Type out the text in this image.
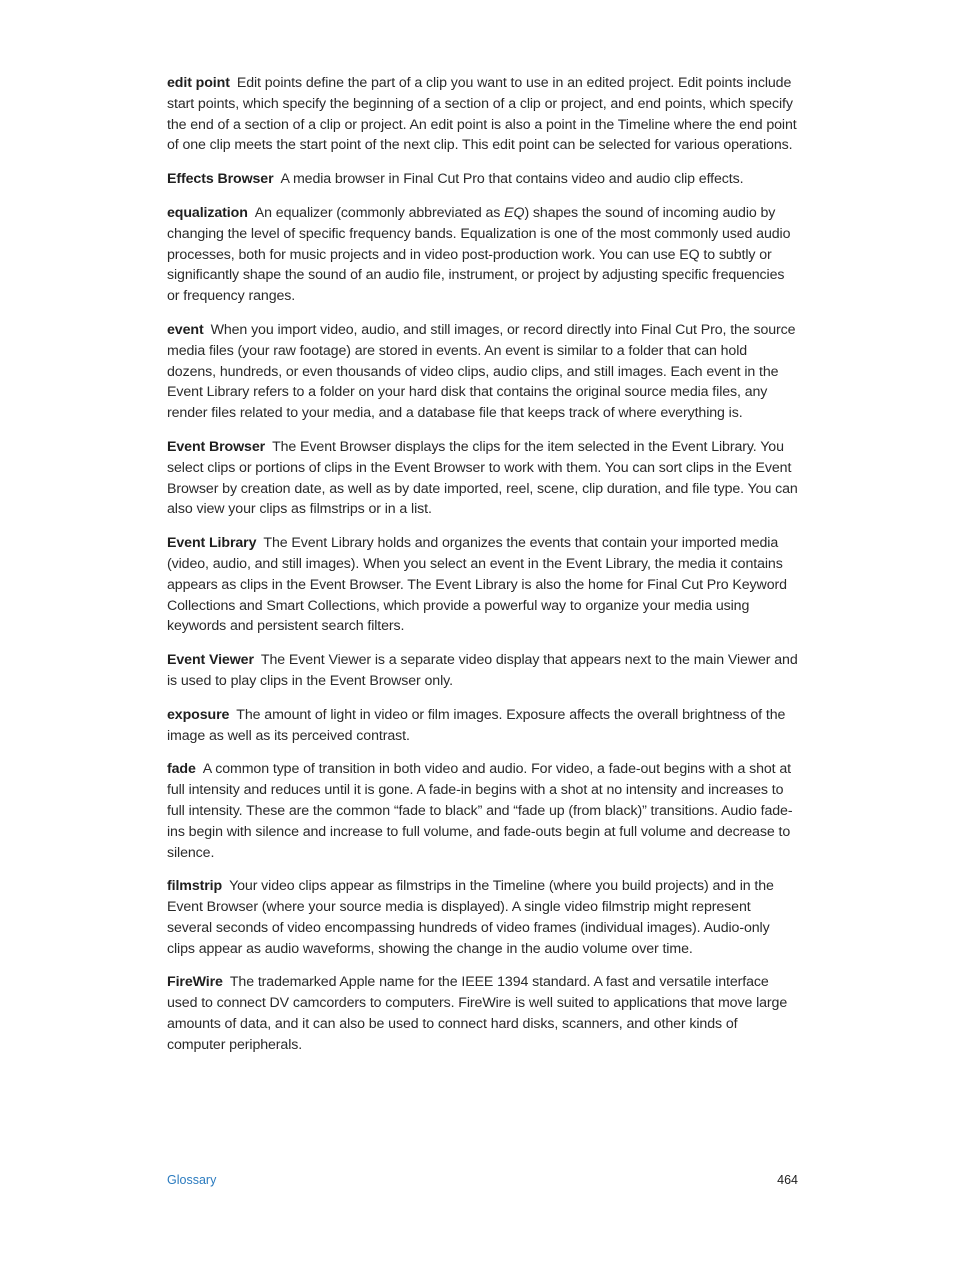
edit point Edit points define the part of a clip you want to use in an edited project. Edit points include start points, which specify the beginning of a section of a clip or project, and end points, which specify the end of a section of a clip or project. An edit point is also a point in the Timeline where the end point of one clip meets the start point of the next clip. This edit point can be selected for various operations.

Effects Browser A media browser in Final Cut Pro that contains video and audio clip effects.

equalization An equalizer (commonly abbreviated as EQ) shapes the sound of incoming audio by changing the level of specific frequency bands. Equalization is one of the most commonly used audio processes, both for music projects and in video post-production work. You can use EQ to subtly or significantly shape the sound of an audio file, instrument, or project by adjusting specific frequencies or frequency ranges.

event When you import video, audio, and still images, or record directly into Final Cut Pro, the source media files (your raw footage) are stored in events. An event is similar to a folder that can hold dozens, hundreds, or even thousands of video clips, audio clips, and still images. Each event in the Event Library refers to a folder on your hard disk that contains the original source media files, any render files related to your media, and a database file that keeps track of where everything is.

Event Browser The Event Browser displays the clips for the item selected in the Event Library. You select clips or portions of clips in the Event Browser to work with them. You can sort clips in the Event Browser by creation date, as well as by date imported, reel, scene, clip duration, and file type. You can also view your clips as filmstrips or in a list.

Event Library The Event Library holds and organizes the events that contain your imported media (video, audio, and still images). When you select an event in the Event Library, the media it contains appears as clips in the Event Browser. The Event Library is also the home for Final Cut Pro Keyword Collections and Smart Collections, which provide a powerful way to organize your media using keywords and persistent search filters.

Event Viewer The Event Viewer is a separate video display that appears next to the main Viewer and is used to play clips in the Event Browser only.

exposure The amount of light in video or film images. Exposure affects the overall brightness of the image as well as its perceived contrast.

fade A common type of transition in both video and audio. For video, a fade-out begins with a shot at full intensity and reduces until it is gone. A fade-in begins with a shot at no intensity and increases to full intensity. These are the common “fade to black” and “fade up (from black)” transitions. Audio fade-ins begin with silence and increase to full volume, and fade-outs begin at full volume and decrease to silence.

filmstrip Your video clips appear as filmstrips in the Timeline (where you build projects) and in the Event Browser (where your source media is displayed). A single video filmstrip might represent several seconds of video encompassing hundreds of video frames (individual images). Audio-only clips appear as audio waveforms, showing the change in the audio volume over time.

FireWire The trademarked Apple name for the IEEE 1394 standard. A fast and versatile interface used to connect DV camcorders to computers. FireWire is well suited to applications that move large amounts of data, and it can also be used to connect hard disks, scanners, and other kinds of computer peripherals.

Glossary	464
